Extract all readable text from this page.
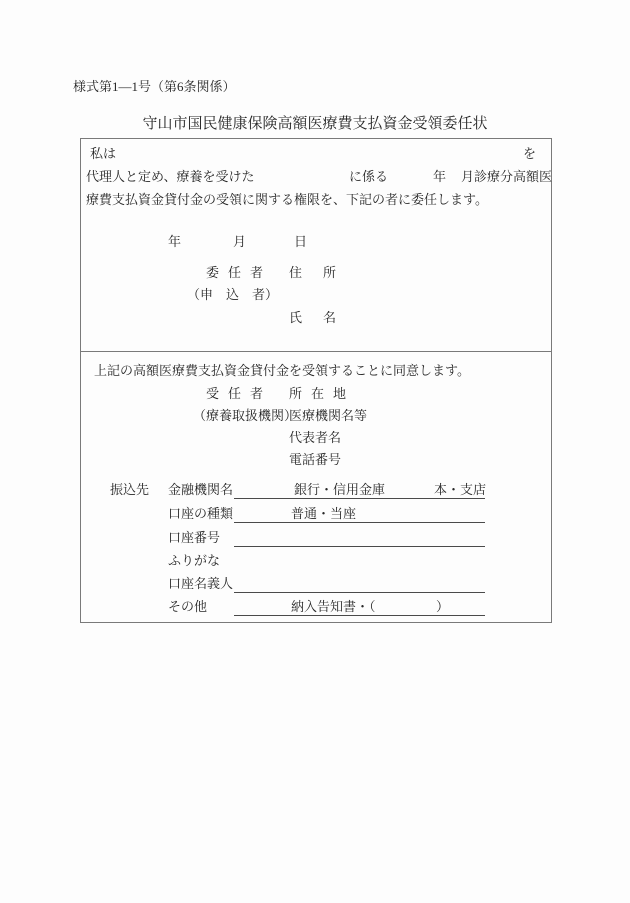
様式第1―1号（第6条関係）
守山市国民健康保険高額医療費支払資金受領委任状
私は	を
代理人と定め、療養を受けた	に係る	年 月診療分高額医
療費支払資金貸付金の受領に関する権限を、下記の者に委任します。
年	月	日
委任者 住所
（申　込　者）
氏名
上記の高額医療費支払資金貸付金を受領することに同意します。
受任者 所在地
（療養取扱機関）
医療機関名等
代表者名
電話番号
振込先 金融機関名	銀行・信用金庫	本・支店
口座の種類	普通・当座
口座番号
ふりがな
口座名義人
その他	納入告知書・（	）
